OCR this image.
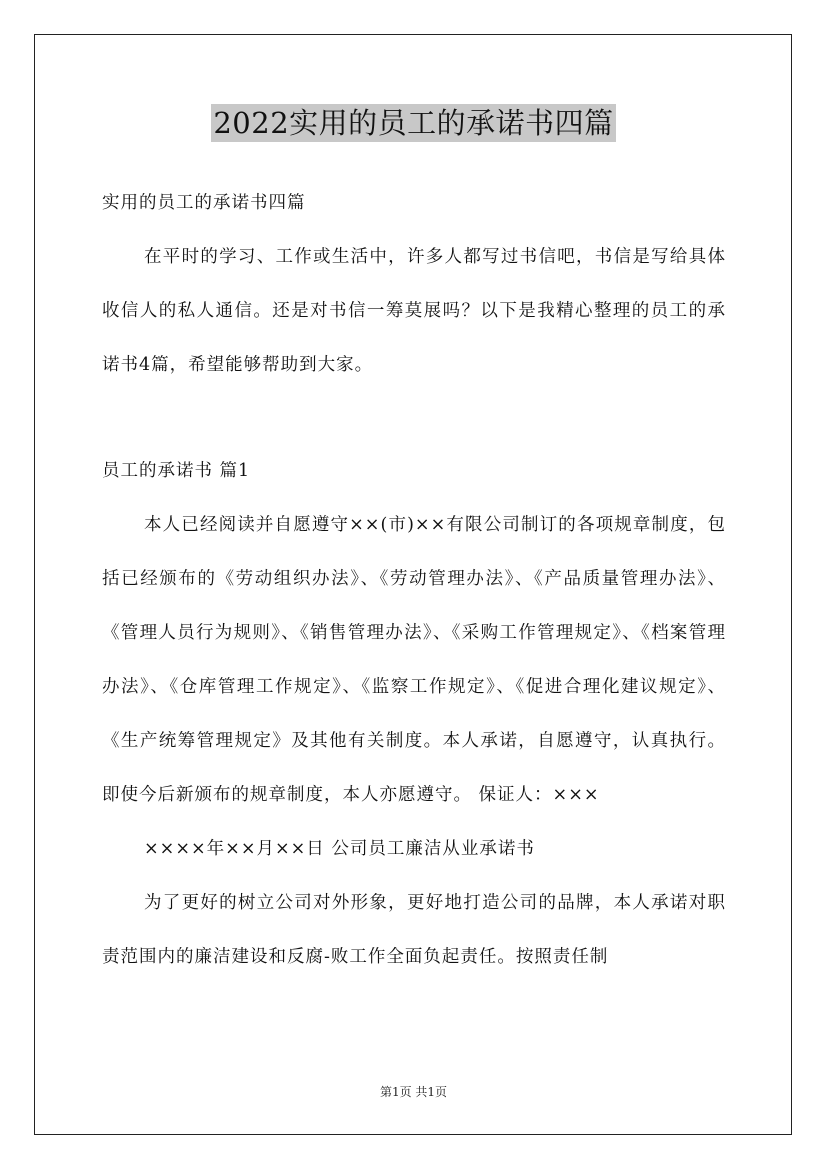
2022实用的员工的承诺书四篇

实用的员工的承诺书四篇

在平时的学习、工作或生活中，许多人都写过书信吧，书信是写给具体收信人的私人通信。还是对书信一筹莫展吗？以下是我精心整理的员工的承诺书4篇，希望能够帮助到大家。

员工的承诺书 篇1

本人已经阅读并自愿遵守××(市)××有限公司制订的各项规章制度，包括已经颁布的《劳动组织办法》、《劳动管理办法》、《产品质量管理办法》、《管理人员行为规则》、《销售管理办法》、《采购工作管理规定》、《档案管理办法》、《仓库管理工作规定》、《监察工作规定》、《促进合理化建议规定》、《生产统筹管理规定》及其他有关制度。本人承诺，自愿遵守，认真执行。即使今后新颁布的规章制度，本人亦愿遵守。 保证人：×××

××××年××月××日 公司员工廉洁从业承诺书

为了更好的树立公司对外形象，更好地打造公司的品牌，本人承诺对职责范围内的廉洁建设和反腐-败工作全面负起责任。按照责任制

第1页 共1页
